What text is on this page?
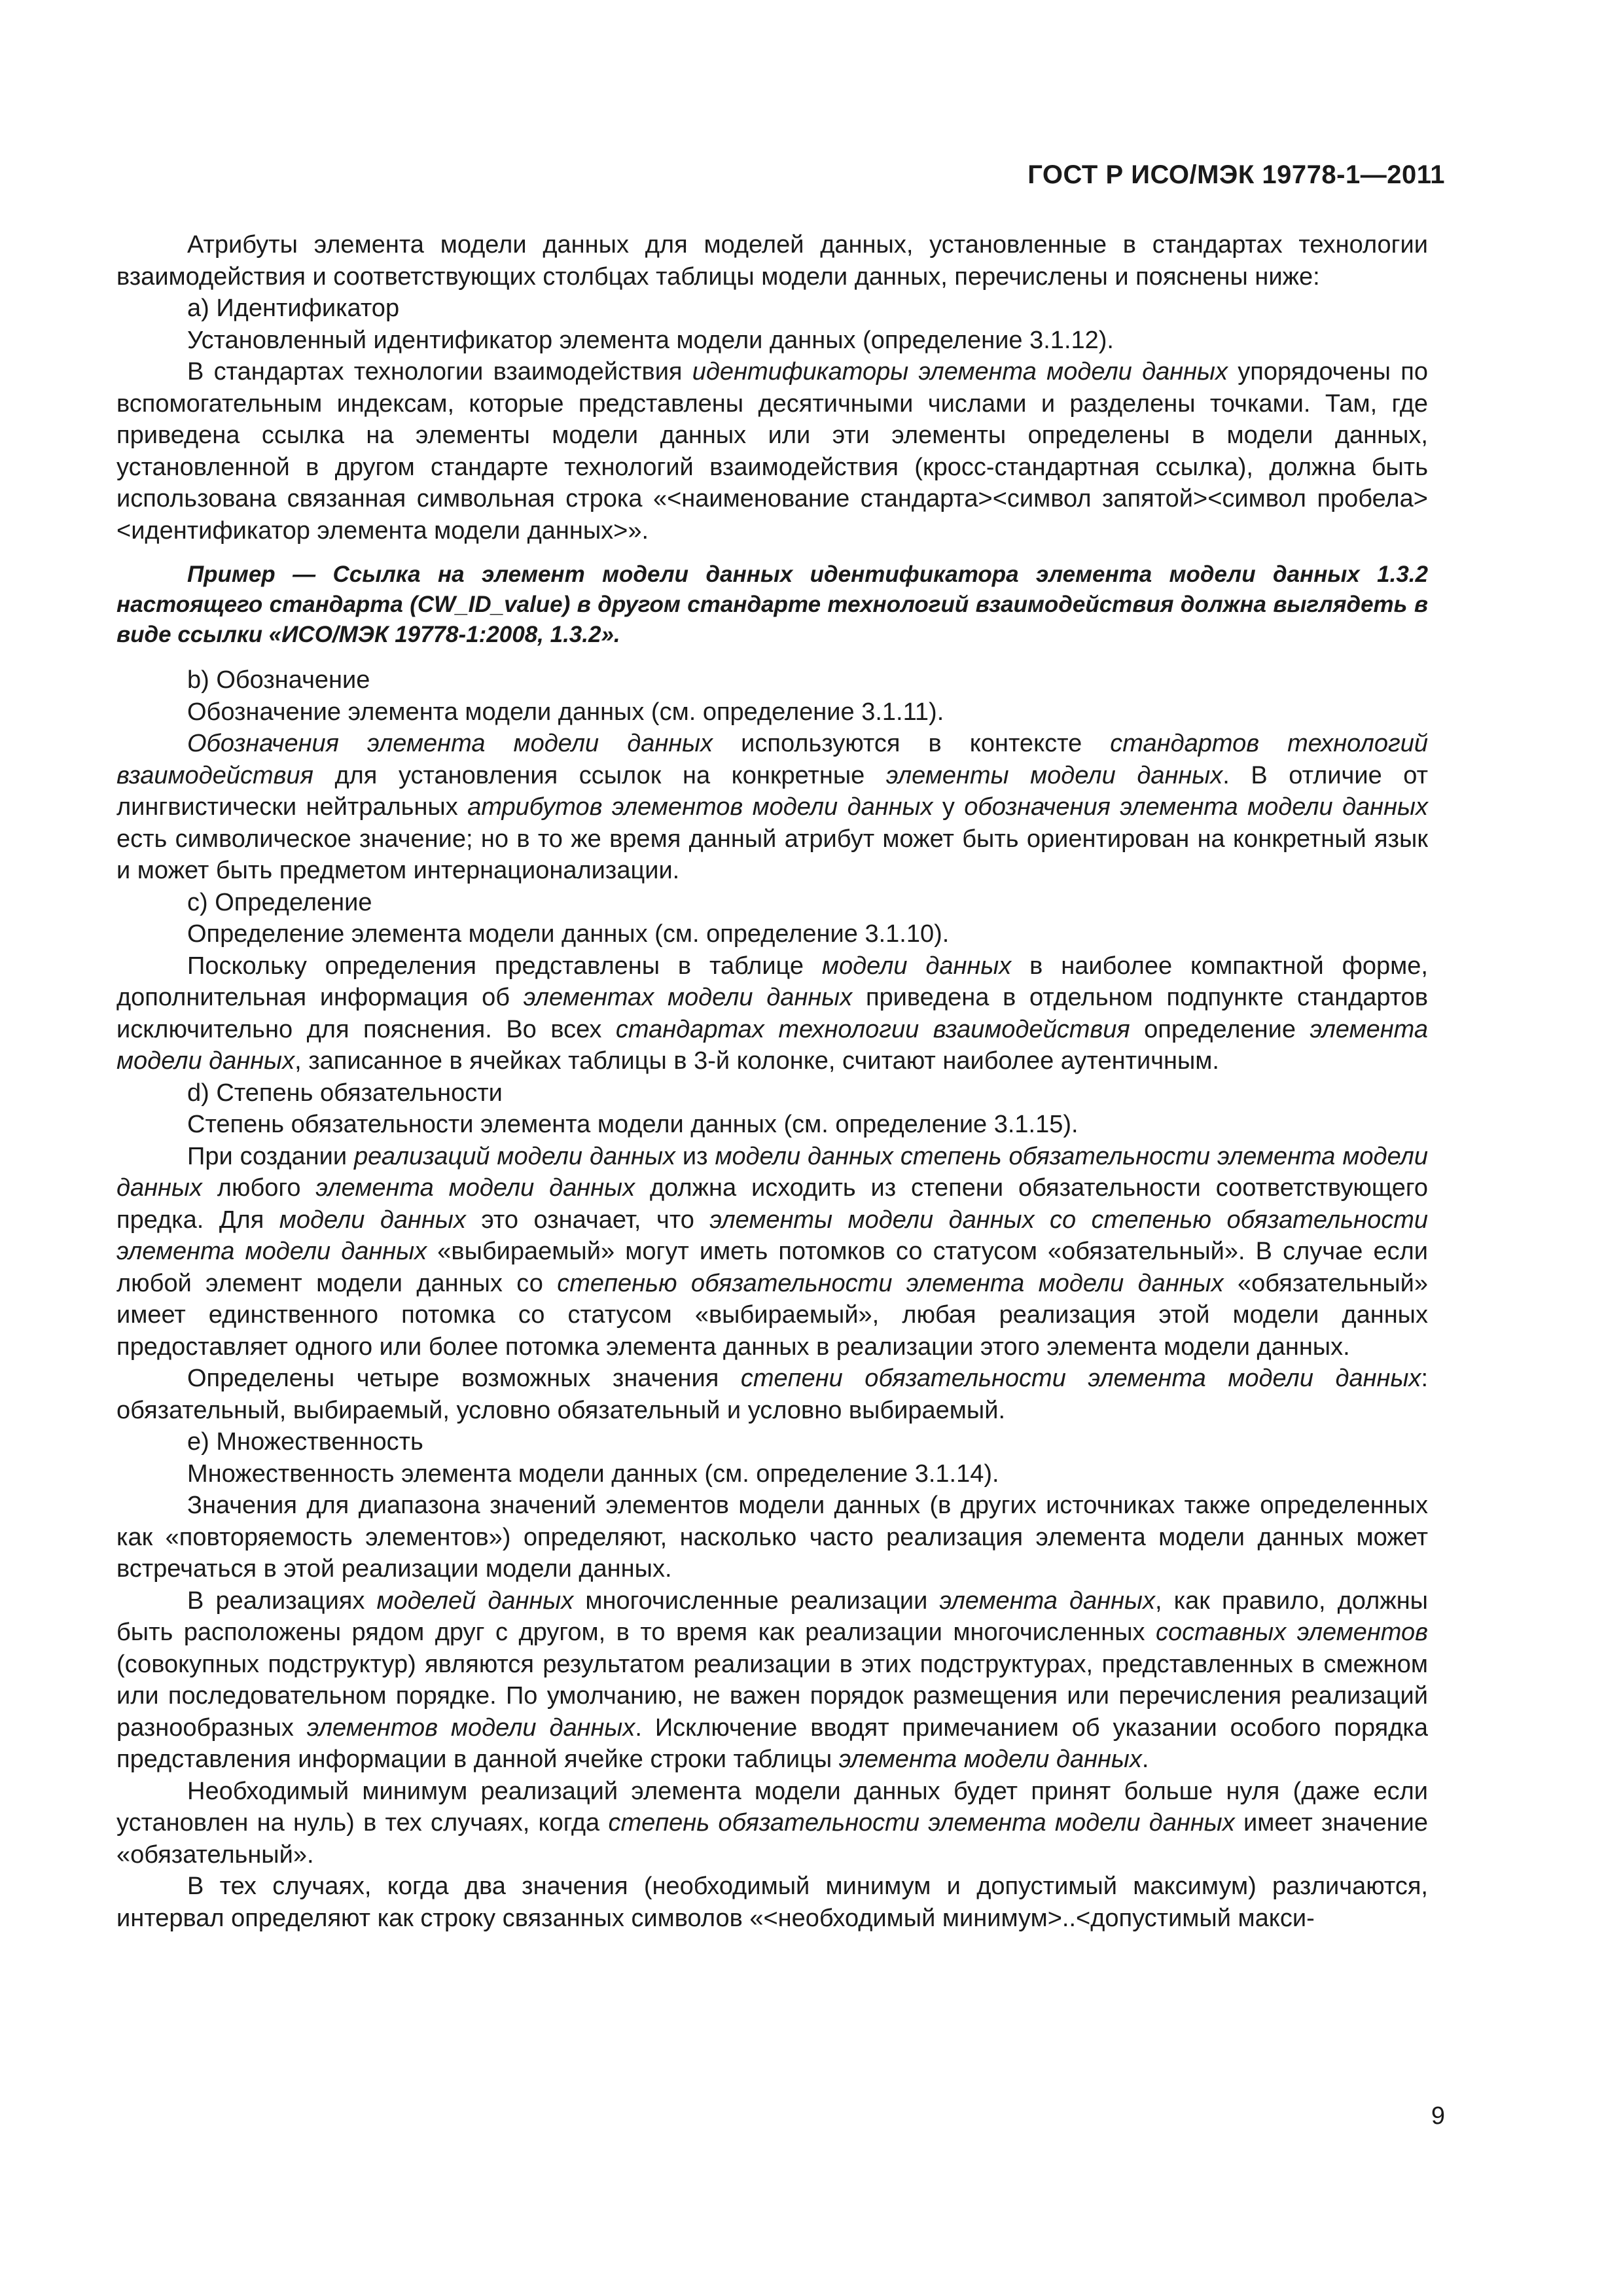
ГОСТ Р ИСО/МЭК 19778-1—2011

Атрибуты элемента модели данных для моделей данных, установленные в стандартах технологии взаимодействия и соответствующих столбцах таблицы модели данных, перечислены и пояснены ниже:

a) Идентификатор

Установленный идентификатор элемента модели данных (определение 3.1.12).

В стандартах технологии взаимодействия идентификаторы элемента модели данных упорядочены по вспомогательным индексам, которые представлены десятичными числами и разделены точками. Там, где приведена ссылка на элементы модели данных или эти элементы определены в модели данных, установленной в другом стандарте технологий взаимодействия (кросс-стандартная ссылка), должна быть использована связанная символьная строка «<наименование стандарта><символ запятой><символ пробела><идентификатор элемента модели данных>».

Пример — Ссылка на элемент модели данных идентификатора элемента модели данных 1.3.2 настоящего стандарта (CW_ID_value) в другом стандарте технологий взаимодействия должна выглядеть в виде ссылки «ИСО/МЭК 19778-1:2008, 1.3.2».

b) Обозначение

Обозначение элемента модели данных (см. определение 3.1.11).

Обозначения элемента модели данных используются в контексте стандартов технологий взаимодействия для установления ссылок на конкретные элементы модели данных. В отличие от лингвистически нейтральных атрибутов элементов модели данных у обозначения элемента модели данных есть символическое значение; но в то же время данный атрибут может быть ориентирован на конкретный язык и может быть предметом интернационализации.

c) Определение

Определение элемента модели данных (см. определение 3.1.10).

Поскольку определения представлены в таблице модели данных в наиболее компактной форме, дополнительная информация об элементах модели данных приведена в отдельном подпункте стандартов исключительно для пояснения. Во всех стандартах технологии взаимодействия определение элемента модели данных, записанное в ячейках таблицы в 3-й колонке, считают наиболее аутентичным.

d) Степень обязательности

Степень обязательности элемента модели данных (см. определение 3.1.15).

При создании реализаций модели данных из модели данных степень обязательности элемента модели данных любого элемента модели данных должна исходить из степени обязательности соответствующего предка. Для модели данных это означает, что элементы модели данных со степенью обязательности элемента модели данных «выбираемый» могут иметь потомков со статусом «обязательный». В случае если любой элемент модели данных со степенью обязательности элемента модели данных «обязательный» имеет единственного потомка со статусом «выбираемый», любая реализация этой модели данных предоставляет одного или более потомка элемента данных в реализации этого элемента модели данных.

Определены четыре возможных значения степени обязательности элемента модели данных: обязательный, выбираемый, условно обязательный и условно выбираемый.

e) Множественность

Множественность элемента модели данных (см. определение 3.1.14).

Значения для диапазона значений элементов модели данных (в других источниках также определенных как «повторяемость элементов») определяют, насколько часто реализация элемента модели данных может встречаться в этой реализации модели данных.

В реализациях моделей данных многочисленные реализации элемента данных, как правило, должны быть расположены рядом друг с другом, в то время как реализации многочисленных составных элементов (совокупных подструктур) являются результатом реализации в этих подструктурах, представленных в смежном или последовательном порядке. По умолчанию, не важен порядок размещения или перечисления реализаций разнообразных элементов модели данных. Исключение вводят примечанием об указании особого порядка представления информации в данной ячейке строки таблицы элемента модели данных.

Необходимый минимум реализаций элемента модели данных будет принят больше нуля (даже если установлен на нуль) в тех случаях, когда степень обязательности элемента модели данных имеет значение «обязательный».

В тех случаях, когда два значения (необходимый минимум и допустимый максимум) различаются, интервал определяют как строку связанных символов «<необходимый минимум>..<допустимый макси-

9
